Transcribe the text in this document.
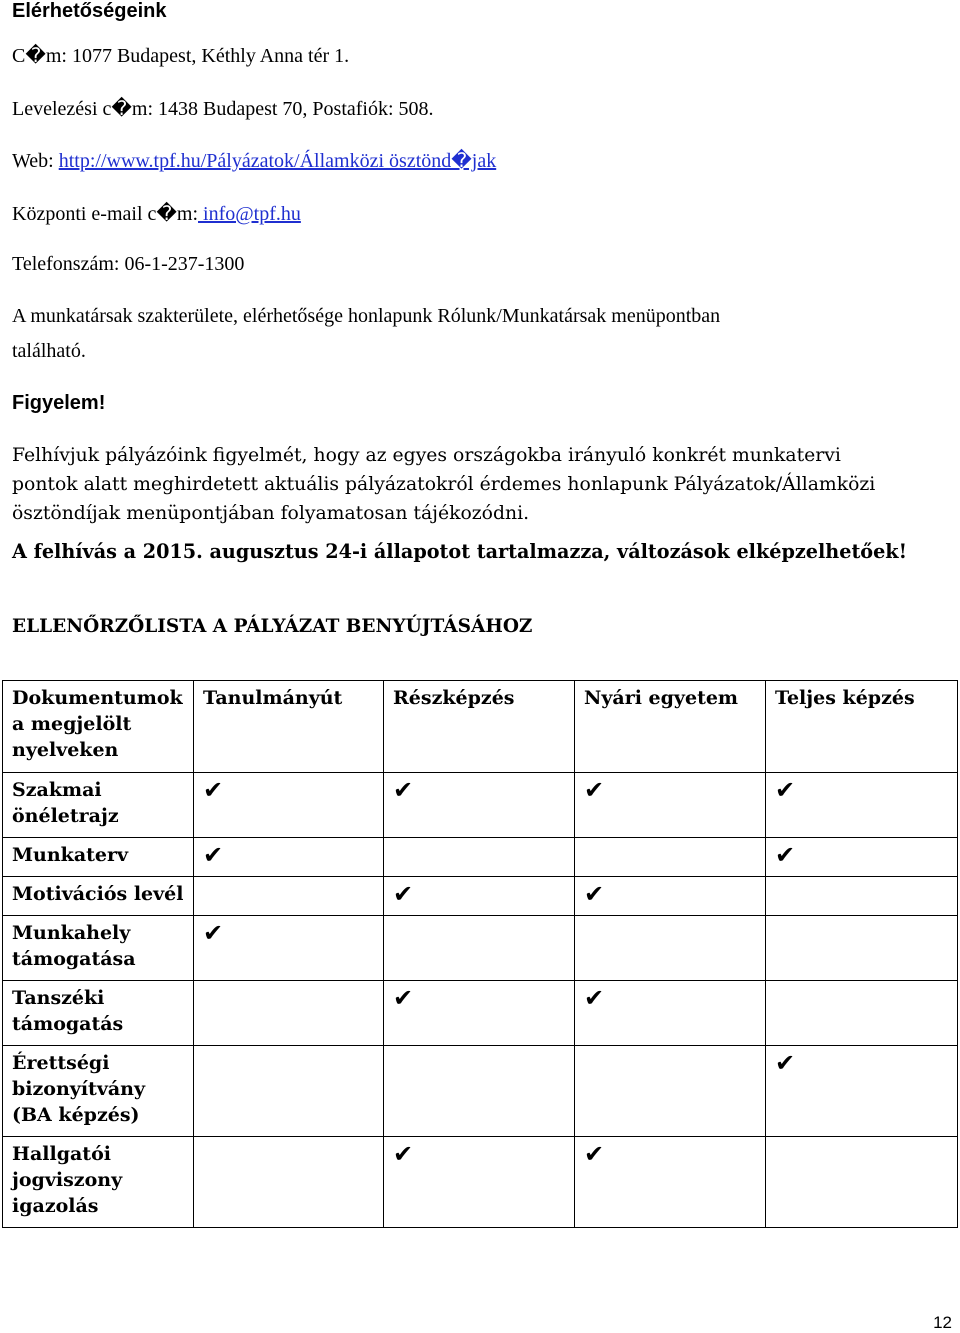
Elérhetőségeink
C�m: 1077 Budapest, Kéthly Anna tér 1.
Levelezési c�m: 1438 Budapest 70, Postafiók: 508.
Web: http://www.tpf.hu/Pályázatok/Államközi ösztönd�jak
Központi e-mail c�m: info@tpf.hu
Telefonszám: 06-1-237-1300
A munkatársak szakterülete, elérhetősége honlapunk Rólunk/Munkatársak menüpontban
található.
Figyelem!
Felhívjuk pályázóink figyelmét, hogy az egyes országokba irányuló konkrét munkatervi
pontok alatt meghirdetett aktuális pályázatokról érdemes honlapunk Pályázatok/Államközi
ösztöndíjak menüpontjában folyamatosan tájékozódni.
A felhívás a 2015. augusztus 24-i állapotot tartalmazza, változások elképzelhetőek!
ELLENŐRZŐLISTA A PÁLYÁZAT BENYÚJTÁSÁHOZ
Dokumentumok a megjelölt nyelveken	Tanulmányút	Részképzés	Nyári egyetem	Teljes képzés
Szakmai önéletrajz	✔	✔	✔	✔
Munkaterv	✔			✔
Motivációs levél		✔	✔	
Munkahely támogatása	✔			
Tanszéki támogatás		✔	✔	
Érettségi bizonyítvány (BA képzés)				✔
Hallgatói jogviszony igazolás		✔	✔	
12
